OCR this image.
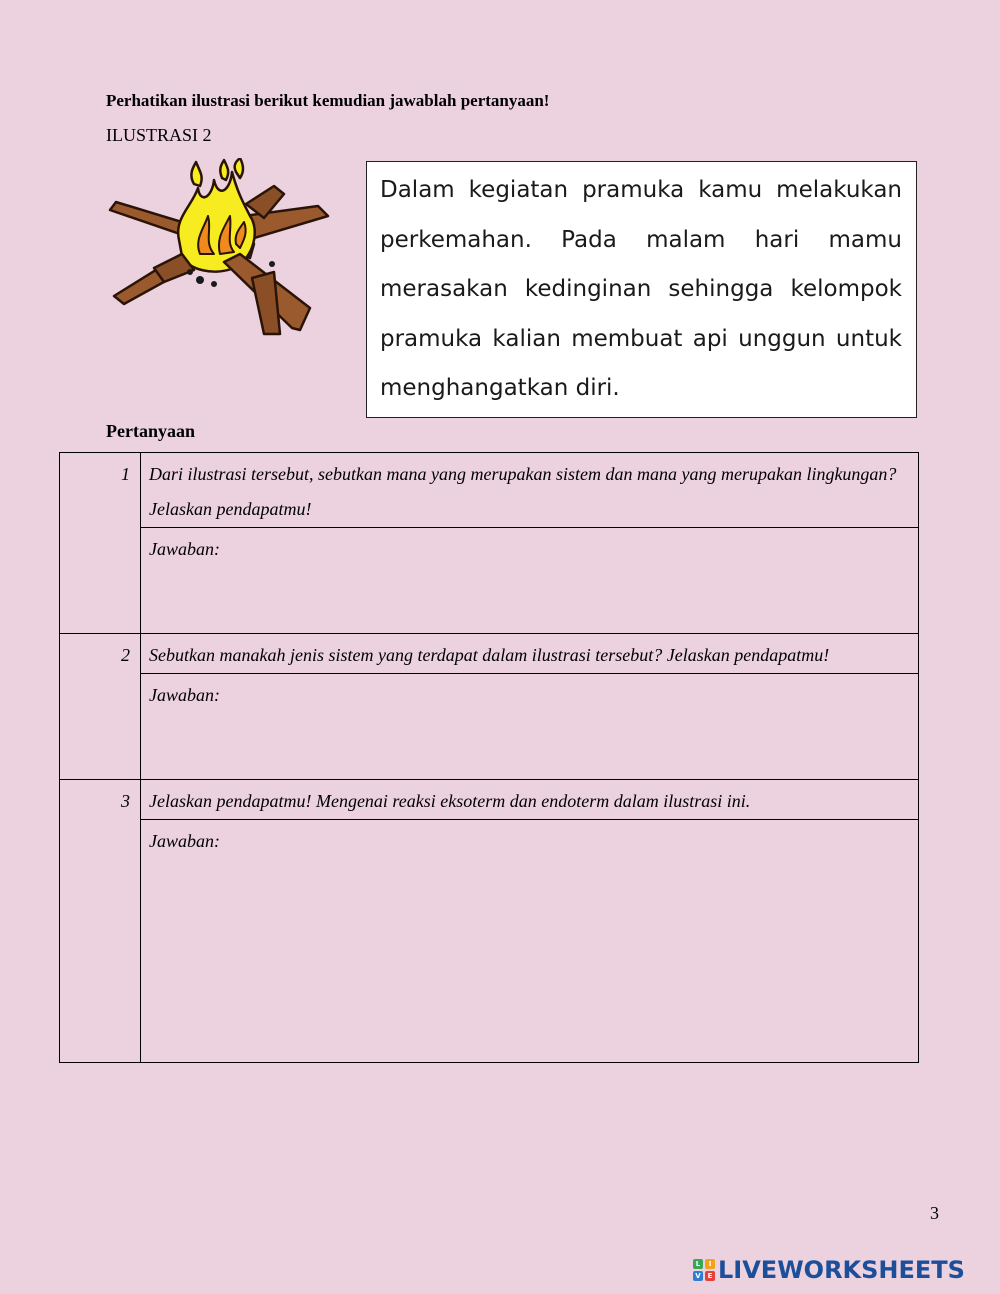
Perhatikan ilustrasi berikut kemudian jawablah pertanyaan!
ILUSTRASI 2
Dalam kegiatan pramuka kamu melakukan perkemahan. Pada malam hari mamu merasakan kedinginan sehingga kelompok pramuka kalian membuat api unggun untuk menghangatkan diri.
Pertanyaan
1	Dari ilustrasi tersebut, sebutkan mana yang merupakan sistem dan mana yang merupakan lingkungan? Jelaskan pendapatmu!
	Jawaban:
2	Sebutkan manakah jenis sistem yang terdapat dalam ilustrasi tersebut? Jelaskan pendapatmu!
	Jawaban:
3	Jelaskan pendapatmu! Mengenai reaksi eksoterm dan endoterm dalam ilustrasi ini.
	Jawaban:
3
L	I
V E LIVEWORKSHEETS
